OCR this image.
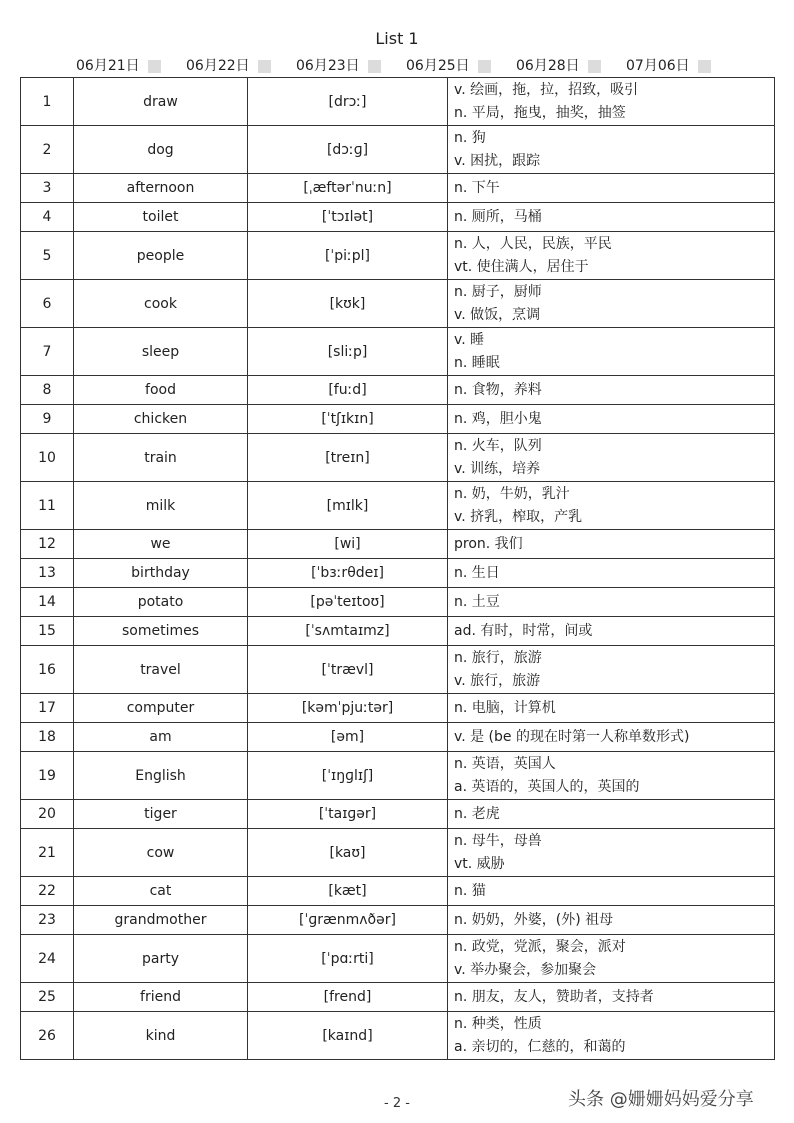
List 1
06月21日	06月22日	06月23日	06月25日	06月28日	07月06日
1	draw	[drɔː]	v. 绘画，拖，拉，招致，吸引
n. 平局，拖曳，抽奖，抽签

2	dog	[dɔːɡ]	n. 狗
v. 困扰，跟踪

3	afternoon	[ˌæftərˈnuːn]	n. 下午

4	toilet	[ˈtɔɪlət]	n. 厕所，马桶

5	people	[ˈpiːpl]	n. 人，人民，民族，平民
vt. 使住满人，居住于

6	cook	[kʊk]	n. 厨子，厨师
v. 做饭，烹调

7	sleep	[sliːp]	v. 睡
n. 睡眠

8	food	[fuːd]	n. 食物，养料

9	chicken	[ˈtʃɪkɪn]	n. 鸡，胆小鬼

10	train	[treɪn]	n. 火车，队列
v. 训练，培养

11	milk	[mɪlk]	n. 奶，牛奶，乳汁
v. 挤乳，榨取，产乳

12	we	[wi]	pron. 我们

13	birthday	[ˈbɜːrθdeɪ]	n. 生日

14	potato	[pəˈteɪtoʊ]	n. 土豆

15	sometimes	[ˈsʌmtaɪmz]	ad. 有时，时常，间或

16	travel	[ˈtrævl]	n. 旅行，旅游
v. 旅行，旅游

17	computer	[kəmˈpjuːtər]	n. 电脑，计算机

18	am	[əm]	v. 是 (be 的现在时第一人称单数形式)

19	English	[ˈɪŋɡlɪʃ]	n. 英语，英国人
a. 英语的，英国人的，英国的

20	tiger	[ˈtaɪɡər]	n. 老虎

21	cow	[kaʊ]	n. 母牛，母兽
vt. 威胁

22	cat	[kæt]	n. 猫

23	grandmother	[ˈɡrænmʌðər]	n. 奶奶，外婆，(外) 祖母

24	party	[ˈpɑːrti]	n. 政党，党派，聚会，派对
v. 举办聚会，参加聚会

25	friend	[frend]	n. 朋友，友人，赞助者，支持者

26	kind	[kaɪnd]	n. 种类，性质
a. 亲切的，仁慈的，和蔼的
- 2 -	头条 @姗姗妈妈爱分享
